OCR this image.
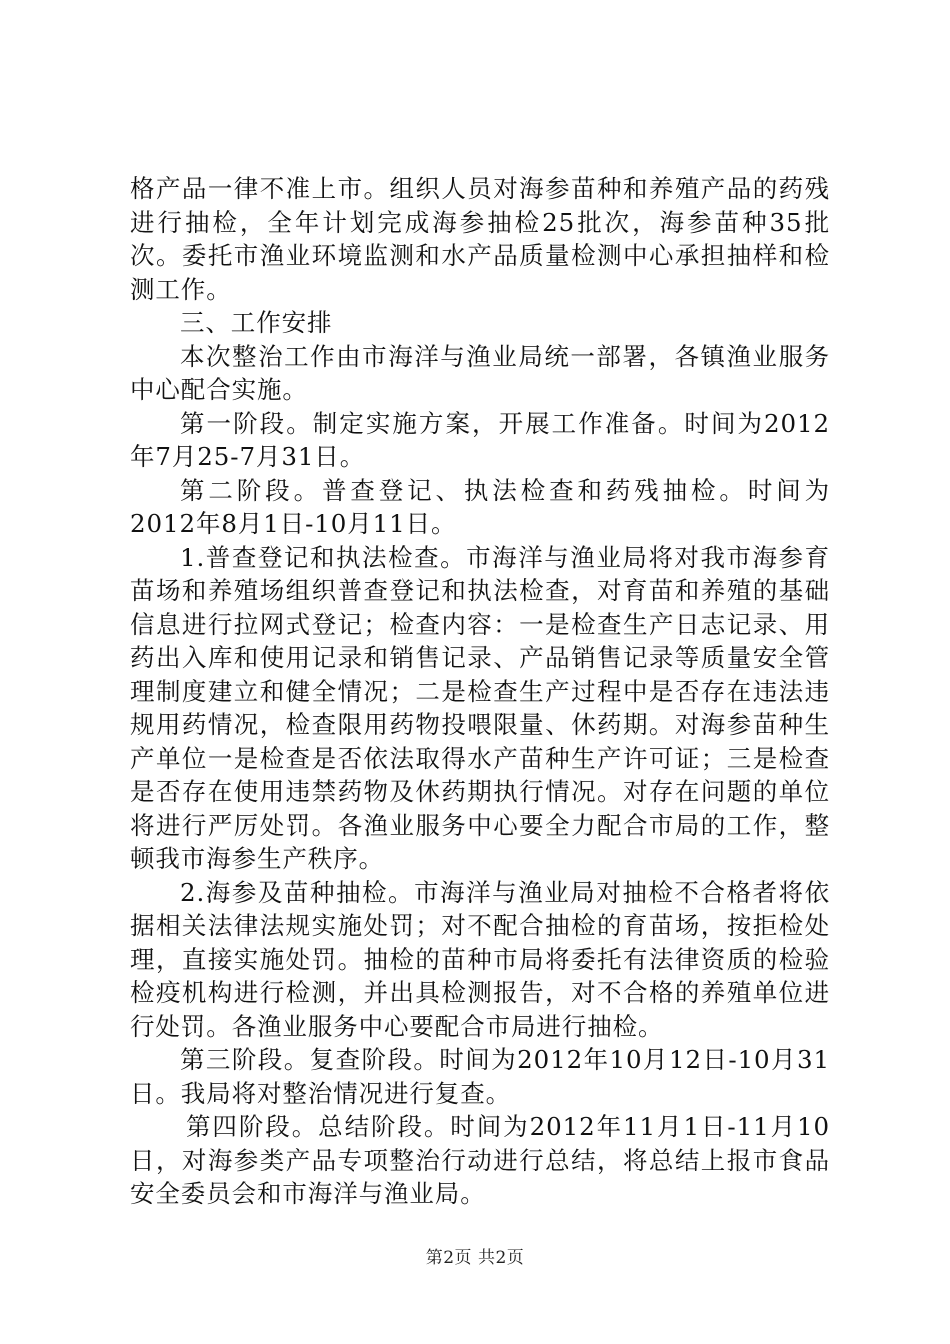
格产品一律不准上市。组织人员对海参苗种和养殖产品的药残进行抽检，全年计划完成海参抽检25批次，海参苗种35批次。委托市渔业环境监测和水产品质量检测中心承担抽样和检测工作。

三、工作安排

本次整治工作由市海洋与渔业局统一部署，各镇渔业服务中心配合实施。

第一阶段。制定实施方案，开展工作准备。时间为2012年7月25-7月31日。

第二阶段。普查登记、执法检查和药残抽检。时间为2012年8月1日-10月11日。

1.普查登记和执法检查。市海洋与渔业局将对我市海参育苗场和养殖场组织普查登记和执法检查，对育苗和养殖的基础信息进行拉网式登记；检查内容：一是检查生产日志记录、用药出入库和使用记录和销售记录、产品销售记录等质量安全管理制度建立和健全情况；二是检查生产过程中是否存在违法违规用药情况，检查限用药物投喂限量、休药期。对海参苗种生产单位一是检查是否依法取得水产苗种生产许可证；三是检查是否存在使用违禁药物及休药期执行情况。对存在问题的单位将进行严厉处罚。各渔业服务中心要全力配合市局的工作，整顿我市海参生产秩序。

2.海参及苗种抽检。市海洋与渔业局对抽检不合格者将依据相关法律法规实施处罚；对不配合抽检的育苗场，按拒检处理，直接实施处罚。抽检的苗种市局将委托有法律资质的检验检疫机构进行检测，并出具检测报告，对不合格的养殖单位进行处罚。各渔业服务中心要配合市局进行抽检。

第三阶段。复查阶段。时间为2012年10月12日-10月31日。我局将对整治情况进行复查。

第四阶段。总结阶段。时间为2012年11月1日-11月10日，对海参类产品专项整治行动进行总结，将总结上报市食品安全委员会和市海洋与渔业局。

第2页 共2页
